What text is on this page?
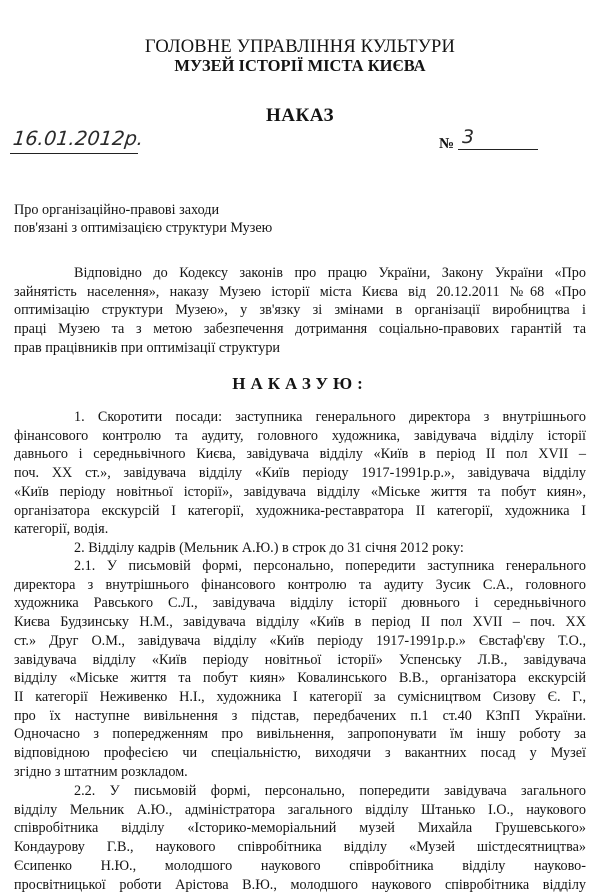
ГОЛОВНЕ УПРАВЛІННЯ КУЛЬТУРИ
МУЗЕЙ ІСТОРІЇ МІСТА КИЄВА
НАКАЗ
16.01.2012р.	№ 3
Про організаційно-правові заходи
пов'язані з оптимізацією структури Музею
Відповідно до Кодексу законів про працю України, Закону України «Про
зайнятість населення», наказу Музею історії міста Києва від 20.12.2011 №68 «Про
оптимізацію структури Музею», у зв'язку зі змінами в організації виробництва і
праці Музею та з метою забезпечення дотримання соціально-правових гарантій та
прав працівників при оптимізації структури
НАКАЗУЮ:
1. Скоротити посади: заступника генерального директора з внутрішнього
фінансового контролю та аудиту, головного художника, завідувача відділу історії
давнього і середньвічного Києва, завідувача відділу «Київ в період ІІ пол XVII –
поч. XX ст.», завідувача відділу «Київ періоду 1917-1991р.р.», завідувача відділу
«Київ періоду новітньої історії», завідувача відділу «Міське життя та побут киян»,
організатора екскурсій І категорії, художника-реставратора ІІ категорії, художника І
категорії, водія.
2. Відділу кадрів (Мельник А.Ю.) в строк до 31 січня 2012 року:
2.1. У письмовій формі, персонально, попередити заступника генерального
директора з внутрішнього фінансового контролю та аудиту Зусик С.А., головного
художника Равського С.Л., завідувача відділу історії дювнього і середньвічного
Києва Будзинську Н.М., завідувача відділу «Київ в період ІІ пол XVII – поч. XX
ст.» Друг О.М., завідувача відділу «Київ періоду 1917-1991р.р.» Євстаф'єву Т.О.,
завідувача відділу «Київ періоду новітньої історії» Успенську Л.В., завідувача
відділу «Міське життя та побут киян» Ковалинського В.В., організатора екскурсій
ІІ категорії Неживенко Н.І., художника І категорії за сумісництвом Сизову Є. Г.,
про їх наступне вивільнення з підстав, передбачених п.1 ст.40 КЗпП України.
Одночасно з попередженням про вивільнення, запропонувати їм іншу роботу за
відповідною професією чи спеціальністю, виходячи з вакантних посад у Музеї
згідно з штатним розкладом.
2.2. У письмовій формі, персонально, попередити завідувача загального
відділу Мельник А.Ю., адміністратора загального відділу Штанько І.О., наукового
співробітника відділу «Історико-меморіальний музей Михайла Грушевського»
Кондаурову Г.В., наукового співробітника відділу «Музей шістдесятництва»
Єсипенко Н.Ю., молодшого наукового співробітника відділу науково-
просвітницької роботи Арістова В.Ю., молодшого наукового співробітника відділу
